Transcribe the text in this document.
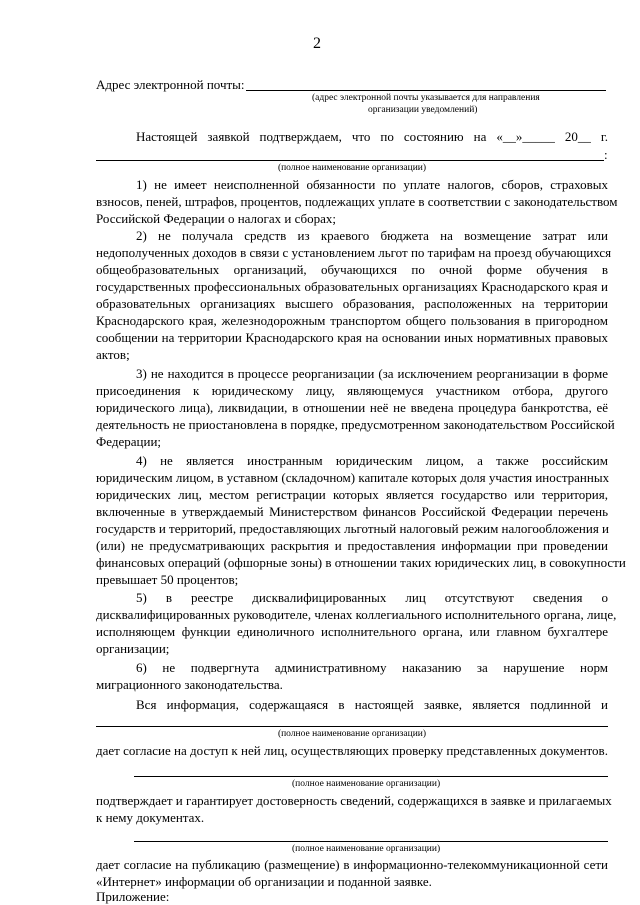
2
Адрес электронной почты:
(адрес электронной почты указывается для направления
организации уведомлений)
Настоящей заявкой подтверждаем, что по состоянию на «__»_____ 20__ г.
:
(полное наименование организации)
1) не имеет неисполненной обязанности по уплате налогов, сборов, страховых
взносов, пеней, штрафов, процентов, подлежащих уплате в соответствии с законодательством
Российской Федерации о налогах и сборах;
2) не получала средств из краевого бюджета на возмещение затрат или
недополученных доходов в связи с установлением льгот по тарифам на проезд обучающихся
общеобразовательных организаций, обучающихся по очной форме обучения в
государственных профессиональных образовательных организациях Краснодарского края и
образовательных организациях высшего образования, расположенных на территории
Краснодарского края, железнодорожным транспортом общего пользования в пригородном
сообщении на территории Краснодарского края на основании иных нормативных правовых
актов;
3) не находится в процессе реорганизации (за исключением реорганизации в форме
присоединения к юридическому лицу, являющемуся участником отбора, другого
юридического лица), ликвидации, в отношении неё не введена процедура банкротства, её
деятельность не приостановлена в порядке, предусмотренном законодательством Российской
Федерации;
4) не является иностранным юридическим лицом, а также российским
юридическим лицом, в уставном (складочном) капитале которых доля участия иностранных
юридических лиц, местом регистрации которых является государство или территория,
включенные в утверждаемый Министерством финансов Российской Федерации перечень
государств и территорий, предоставляющих льготный налоговый режим налогообложения и
(или) не предусматривающих раскрытия и предоставления информации при проведении
финансовых операций (офшорные зоны) в отношении таких юридических лиц, в совокупности
превышает 50 процентов;
5) в реестре дисквалифицированных лиц отсутствуют сведения о
дисквалифицированных руководителе, членах коллегиального исполнительного органа, лице,
исполняющем функции единоличного исполнительного органа, или главном бухгалтере
организации;
6) не подвергнута административному наказанию за нарушение норм
миграционного законодательства.
Вся информация, содержащаяся в настоящей заявке, является подлинной и
(полное наименование организации)
дает согласие на доступ к ней лиц, осуществляющих проверку представленных документов.
(полное наименование организации)
подтверждает и гарантирует достоверность сведений, содержащихся в заявке и прилагаемых
к нему документах.
(полное наименование организации)
дает согласие на публикацию (размещение) в информационно-телекоммуникационной сети
«Интернет» информации об организации и поданной заявке.
Приложение:
